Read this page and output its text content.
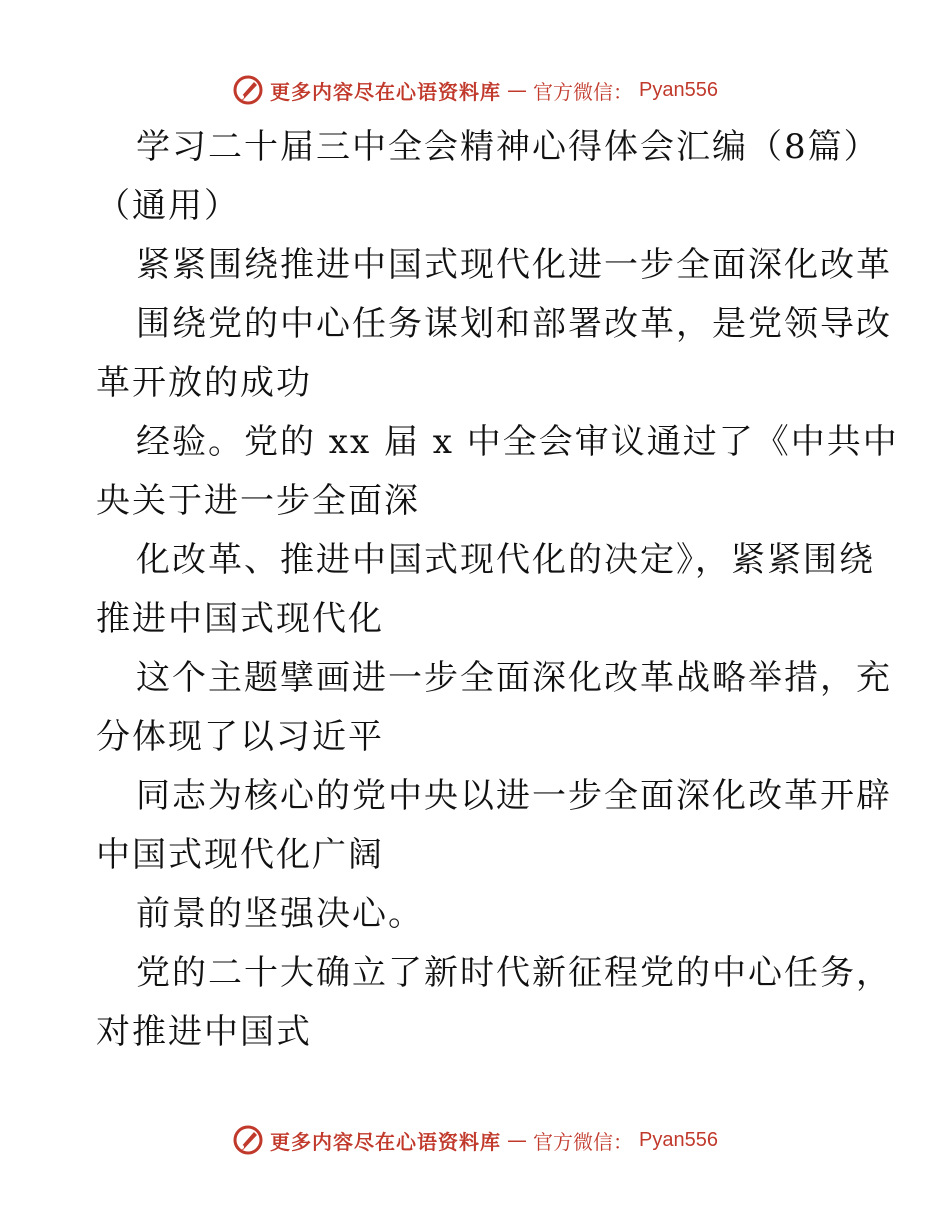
更多内容尽在心语资料库 — 官方微信： Pyan556
学习二十届三中全会精神心得体会汇编（8篇）
（通用）
紧紧围绕推进中国式现代化进一步全面深化改革
围绕党的中心任务谋划和部署改革，是党领导改
革开放的成功
经验。党的 xx 届 x 中全会审议通过了《中共中
央关于进一步全面深
化改革、推进中国式现代化的决定》，紧紧围绕
推进中国式现代化
这个主题擘画进一步全面深化改革战略举措，充
分体现了以习近平
同志为核心的党中央以进一步全面深化改革开辟
中国式现代化广阔
前景的坚强决心。
党的二十大确立了新时代新征程党的中心任务，
对推进中国式
更多内容尽在心语资料库 — 官方微信： Pyan556
